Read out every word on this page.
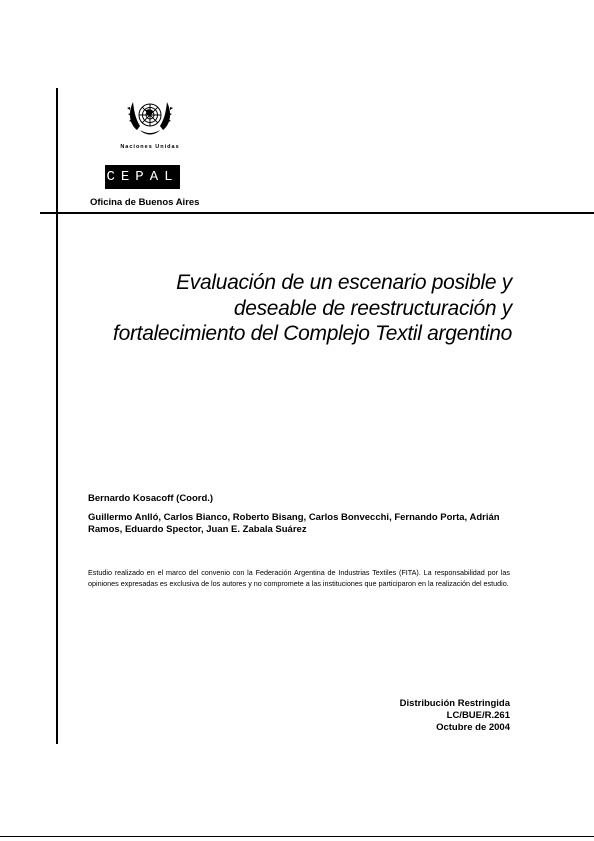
Naciones Unidas
CEPAL
Oficina de Buenos Aires
Evaluación de un escenario posible y deseable de reestructuración y fortalecimiento del Complejo Textil argentino
Bernardo Kosacoff (Coord.)
Guillermo Anlló, Carlos Bianco, Roberto Bisang, Carlos Bonvecchi, Fernando Porta, Adrián Ramos, Eduardo Spector, Juan E. Zabala Suárez
Estudio realizado en el marco del convenio con la Federación Argentina de Industrias Textiles (FITA). La responsabilidad por las opiniones expresadas es exclusiva de los autores y no compromete a las instituciones que participaron en la realización del estudio.
Distribución Restringida
LC/BUE/R.261
Octubre de 2004
